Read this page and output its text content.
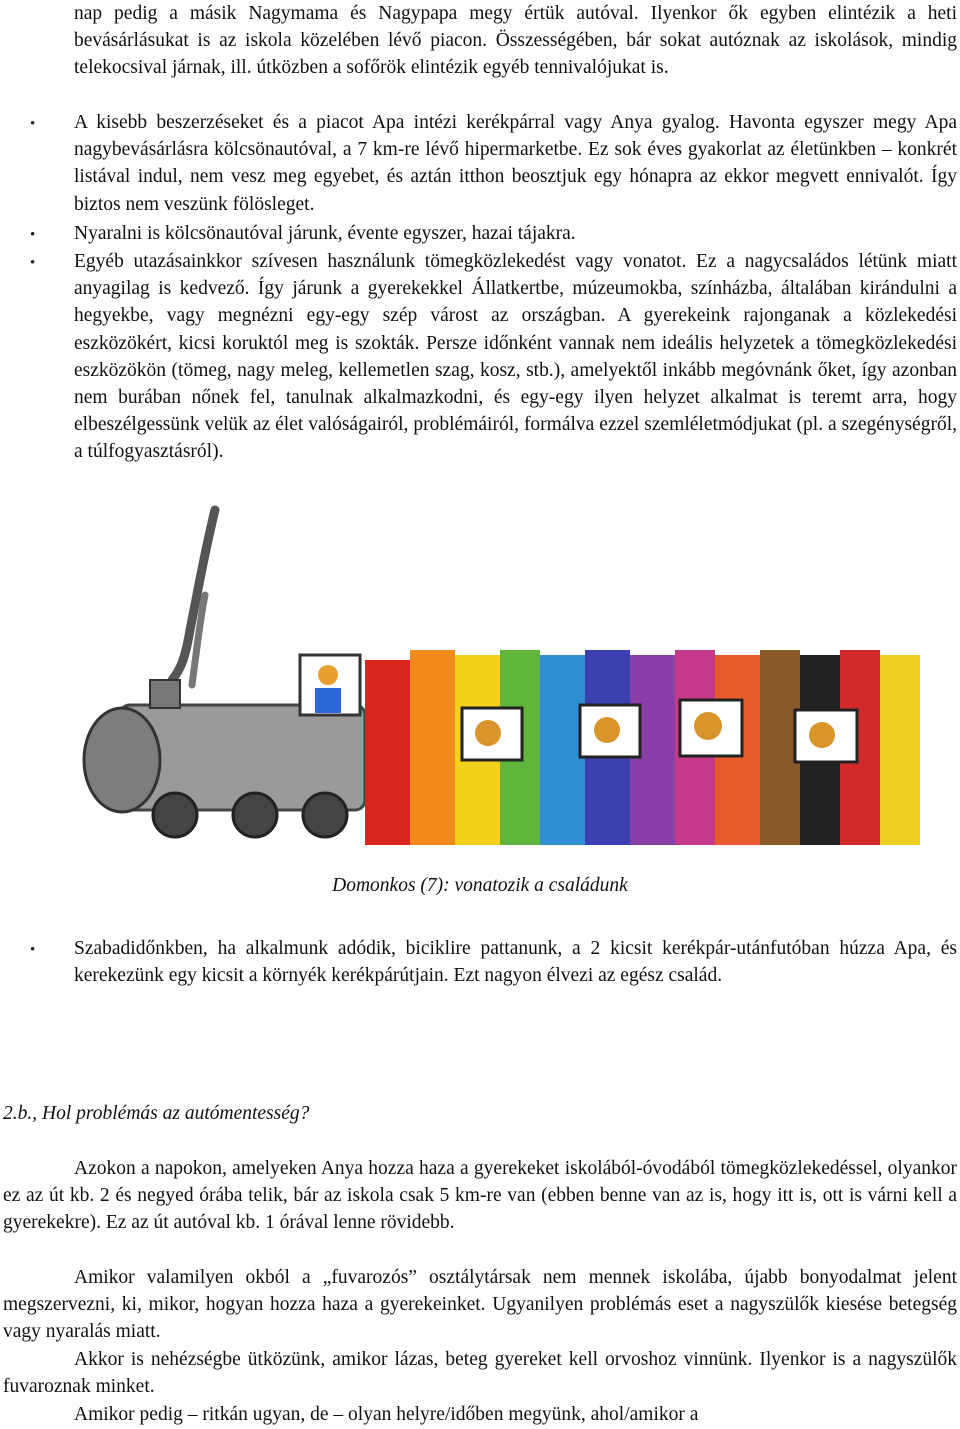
nap pedig a másik Nagymama és Nagypapa megy értük autóval. Ilyenkor ők egyben elintézik a heti bevásárlásukat is az iskola közelében lévő piacon. Összességében, bár sokat autóznak az iskolások, mindig telekocsival járnak, ill. útközben a sofőrök elintézik egyéb tennivalójukat is.

• A kisebb beszerzéseket és a piacot Apa intézi kerékpárral vagy Anya gyalog. Havonta egyszer megy Apa nagybevásárlásra kölcsönautóval, a 7 km-re lévő hipermarketbe. Ez sok éves gyakorlat az életünkben – konkrét listával indul, nem vesz meg egyebet, és aztán itthon beosztjuk egy hónapra az ekkor megvett ennivalót. Így biztos nem veszünk fölösleget.

• Nyaralni is kölcsönautóval járunk, évente egyszer, hazai tájakra.

• Egyéb utazásainkkor szívesen használunk tömegközlekedést vagy vonatot. Ez a nagycsaládos létünk miatt anyagilag is kedvező. Így járunk a gyerekekkel Állatkertbe, múzeumokba, színházba, általában kirándulni a hegyekbe, vagy megnézni egy-egy szép várost az országban. A gyerekeink rajonganak a közlekedési eszközökért, kicsi koruktól meg is szokták. Persze időnként vannak nem ideális helyzetek a tömegközlekedési eszközökön (tömeg, nagy meleg, kellemetlen szag, kosz, stb.), amelyektől inkább megóvnánk őket, így azonban nem burában nőnek fel, tanulnak alkalmazkodni, és egy-egy ilyen helyzet alkalmat is teremt arra, hogy elbeszélgessünk velük az élet valóságairól, problémáiról, formálva ezzel szemléletmódjukat (pl. a szegénységről, a túlfogyasztásról).

Domonkos (7): vonatozik a családunk
• Szabadidőnkben, ha alkalmunk adódik, biciklire pattanunk, a 2 kicsit kerékpár-utánfutóban húzza Apa, és kerekezünk egy kicsit a környék kerékpárútjain. Ezt nagyon élvezi az egész család.

2.b., Hol problémás az autómentesség?

Azokon a napokon, amelyeken Anya hozza haza a gyerekeket iskolából-óvodából tömegközlekedéssel, olyankor ez az út kb. 2 és negyed órába telik, bár az iskola csak 5 km-re van (ebben benne van az is, hogy itt is, ott is várni kell a gyerekekre). Ez az út autóval kb. 1 órával lenne rövidebb.

Amikor valamilyen okból a „fuvarozós” osztálytársak nem mennek iskolába, újabb bonyodalmat jelent megszervezni, ki, mikor, hogyan hozza haza a gyerekeinket. Ugyanilyen problémás eset a nagyszülők kiesése betegség vagy nyaralás miatt.

Akkor is nehézségbe ütközünk, amikor lázas, beteg gyereket kell orvoshoz vinnünk. Ilyenkor is a nagyszülők fuvaroznak minket.

Amikor pedig – ritkán ugyan, de – olyan helyre/időben megyünk, ahol/amikor a
